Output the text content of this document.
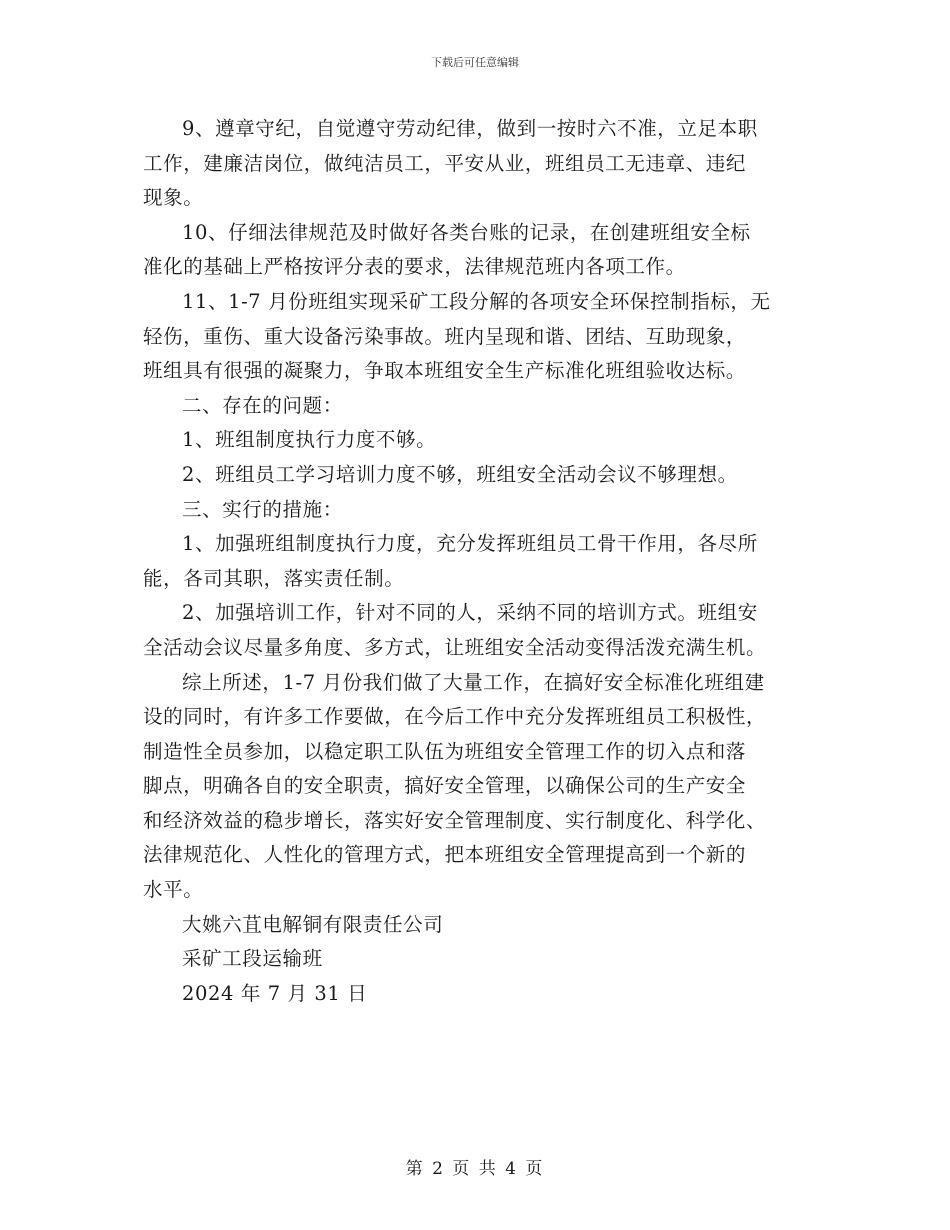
下载后可任意编辑

9、遵章守纪，自觉遵守劳动纪律，做到一按时六不准，立足本职
工作，建廉洁岗位，做纯洁员工，平安从业，班组员工无违章、违纪
现象。

10、仔细法律规范及时做好各类台账的记录，在创建班组安全标
准化的基础上严格按评分表的要求，法律规范班内各项工作。

11、1-7 月份班组实现采矿工段分解的各项安全环保控制指标，无
轻伤，重伤、重大设备污染事故。班内呈现和谐、团结、互助现象，
班组具有很强的凝聚力，争取本班组安全生产标准化班组验收达标。

二、存在的问题：

1、班组制度执行力度不够。

2、班组员工学习培训力度不够，班组安全活动会议不够理想。

三、实行的措施：

1、加强班组制度执行力度，充分发挥班组员工骨干作用，各尽所
能，各司其职，落实责任制。

2、加强培训工作，针对不同的人，采纳不同的培训方式。班组安
全活动会议尽量多角度、多方式，让班组安全活动变得活泼充满生机。

综上所述，1-7 月份我们做了大量工作，在搞好安全标准化班组建
设的同时，有许多工作要做，在今后工作中充分发挥班组员工积极性，
制造性全员参加，以稳定职工队伍为班组安全管理工作的切入点和落
脚点，明确各自的安全职责，搞好安全管理，以确保公司的生产安全
和经济效益的稳步增长，落实好安全管理制度、实行制度化、科学化、
法律规范化、人性化的管理方式，把本班组安全管理提高到一个新的
水平。

大姚六苴电解铜有限责任公司

采矿工段运输班

2024 年 7 月 31 日

第 2 页 共 4 页
